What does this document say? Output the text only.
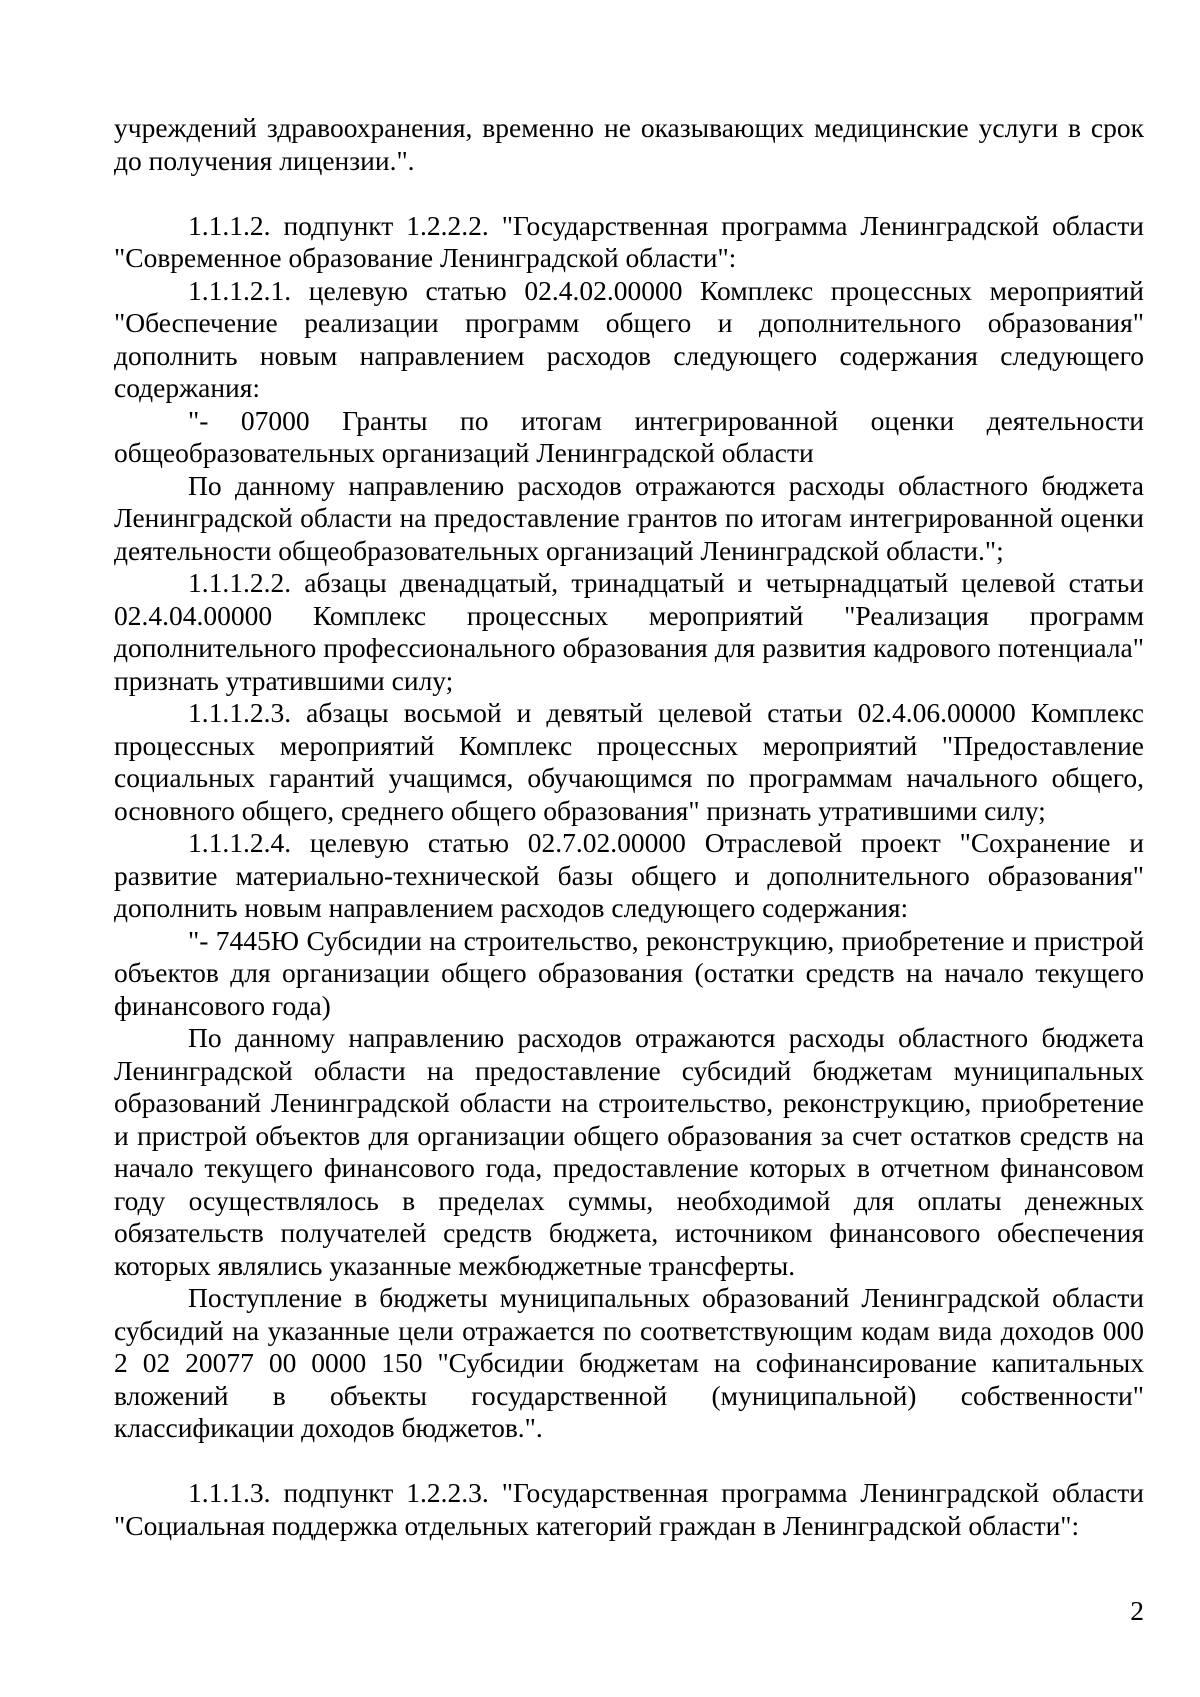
учреждений здравоохранения, временно не оказывающих медицинские услуги в срок до получения лицензии.".

1.1.1.2. подпункт 1.2.2.2. "Государственная программа Ленинградской области "Современное образование Ленинградской области":

1.1.1.2.1. целевую статью 02.4.02.00000 Комплекс процессных мероприятий "Обеспечение реализации программ общего и дополнительного образования" дополнить новым направлением расходов следующего содержания следующего содержания:

"- 07000 Гранты по итогам интегрированной оценки деятельности общеобразовательных организаций Ленинградской области

По данному направлению расходов отражаются расходы областного бюджета Ленинградской области на предоставление грантов по итогам интегрированной оценки деятельности общеобразовательных организаций Ленинградской области.";

1.1.1.2.2. абзацы двенадцатый, тринадцатый и четырнадцатый целевой статьи 02.4.04.00000 Комплекс процессных мероприятий "Реализация программ дополнительного профессионального образования для развития кадрового потенциала" признать утратившими силу;

1.1.1.2.3. абзацы восьмой и девятый целевой статьи 02.4.06.00000 Комплекс процессных мероприятий Комплекс процессных мероприятий "Предоставление социальных гарантий учащимся, обучающимся по программам начального общего, основного общего, среднего общего образования" признать утратившими силу;

1.1.1.2.4. целевую статью 02.7.02.00000 Отраслевой проект "Сохранение и развитие материально-технической базы общего и дополнительного образования" дополнить новым направлением расходов следующего содержания:

"- 7445Ю Субсидии на строительство, реконструкцию, приобретение и пристрой объектов для организации общего образования (остатки средств на начало текущего финансового года)

По данному направлению расходов отражаются расходы областного бюджета Ленинградской области на предоставление субсидий бюджетам муниципальных образований Ленинградской области на строительство, реконструкцию, приобретение и пристрой объектов для организации общего образования за счет остатков средств на начало текущего финансового года, предоставление которых в отчетном финансовом году осуществлялось в пределах суммы, необходимой для оплаты денежных обязательств получателей средств бюджета, источником финансового обеспечения которых являлись указанные межбюджетные трансферты.

Поступление в бюджеты муниципальных образований Ленинградской области субсидий на указанные цели отражается по соответствующим кодам вида доходов 000 2 02 20077 00 0000 150 "Субсидии бюджетам на софинансирование капитальных вложений в объекты государственной (муниципальной) собственности" классификации доходов бюджетов.".

1.1.1.3. подпункт 1.2.2.3. "Государственная программа Ленинградской области "Социальная поддержка отдельных категорий граждан в Ленинградской области":

2
